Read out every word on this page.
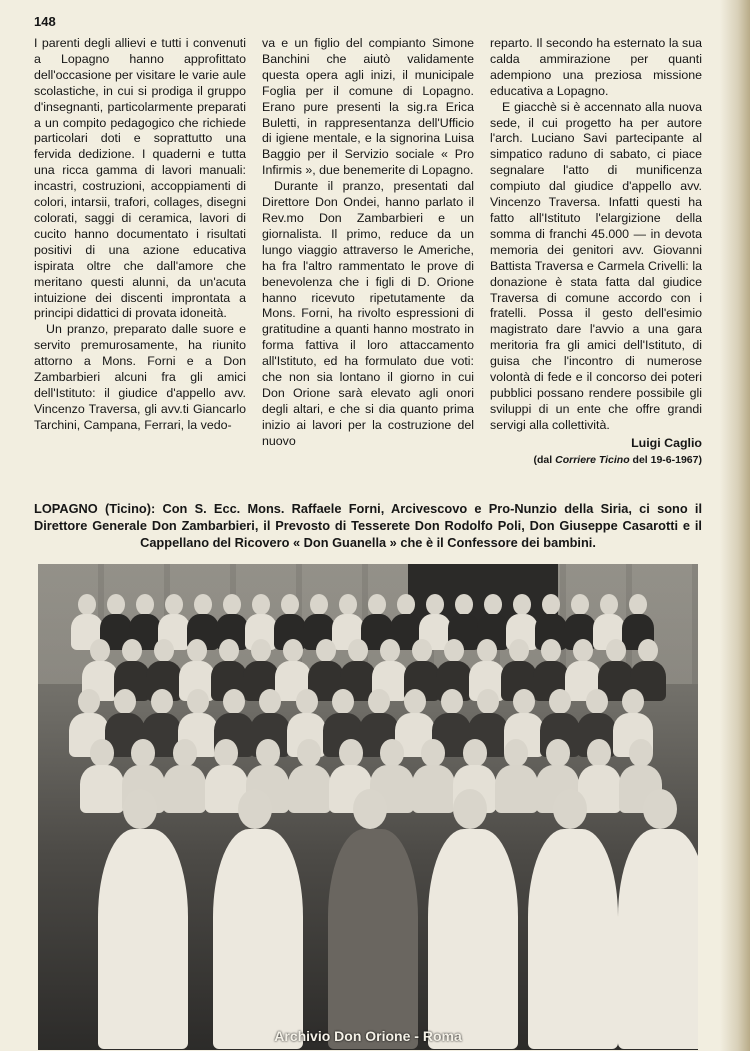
148

I parenti degli allievi e tutti i convenuti a Lopagno hanno approfittato dell'occasione per visitare le varie aule scolastiche, in cui si prodiga il gruppo d'insegnanti, particolarmente preparati a un compito pedagogico che richiede particolari doti e soprattutto una fervida dedizione. I quaderni e tutta una ricca gamma di lavori manuali: incastri, costruzioni, accoppiamenti di colori, intarsii, trafori, collages, disegni colorati, saggi di ceramica, lavori di cucito hanno documentato i risultati positivi di una azione educativa ispirata oltre che dall'amore che meritano questi alunni, da un'acuta intuizione dei discenti improntata a principi didattici di provata idoneità.

Un pranzo, preparato dalle suore e servito premurosamente, ha riunito attorno a Mons. Forni e a Don Zambarbieri alcuni fra gli amici dell'Istituto: il giudice d'appello avv. Vincenzo Traversa, gli avv.ti Giancarlo Tarchini, Campana, Ferrari, la vedo-

va e un figlio del compianto Simone Banchini che aiutò validamente questa opera agli inizi, il municipale Foglia per il comune di Lopagno. Erano pure presenti la sig.ra Erica Buletti, in rappresentanza dell'Ufficio di igiene mentale, e la signorina Luisa Baggio per il Servizio sociale « Pro Infirmis », due benemerite di Lopagno.

Durante il pranzo, presentati dal Direttore Don Ondei, hanno parlato il Rev.mo Don Zambarbieri e un giornalista. Il primo, reduce da un lungo viaggio attraverso le Americhe, ha fra l'altro rammentato le prove di benevolenza che i figli di D. Orione hanno ricevuto ripetutamente da Mons. Forni, ha rivolto espressioni di gratitudine a quanti hanno mostrato in forma fattiva il loro attaccamento all'Istituto, ed ha formulato due voti: che non sia lontano il giorno in cui Don Orione sarà elevato agli onori degli altari, e che si dia quanto prima inizio ai lavori per la costruzione del nuovo

reparto. Il secondo ha esternato la sua calda ammirazione per quanti adempiono una preziosa missione educativa a Lopagno.

E giacchè si è accennato alla nuova sede, il cui progetto ha per autore l'arch. Luciano Savi partecipante al simpatico raduno di sabato, ci piace segnalare l'atto di munificenza compiuto dal giudice d'appello avv. Vincenzo Traversa. Infatti questi ha fatto all'Istituto l'elargizione della somma di franchi 45.000 — in devota memoria dei genitori avv. Giovanni Battista Traversa e Carmela Crivelli: la donazione è stata fatta dal giudice Traversa di comune accordo con i fratelli. Possa il gesto dell'esimio magistrato dare l'avvio a una gara meritoria fra gli amici dell'Istituto, di guisa che l'incontro di numerose volontà di fede e il concorso dei poteri pubblici possano rendere possibile gli sviluppi di un ente che offre grandi servigi alla collettività.

Luigi Caglio
(dal Corriere Ticino del 19-6-1967)
LOPAGNO (Ticino): Con S. Ecc. Mons. Raffaele Forni, Arcivescovo e Pro-Nunzio della Siria, ci sono il Direttore Generale Don Zambarbieri, il Prevosto di Tesserete Don Rodolfo Poli, Don Giuseppe Casarotti e il Cappellano del Ricovero « Don Guanella » che è il Confessore dei bambini.
Archivio Don Orione - Roma
